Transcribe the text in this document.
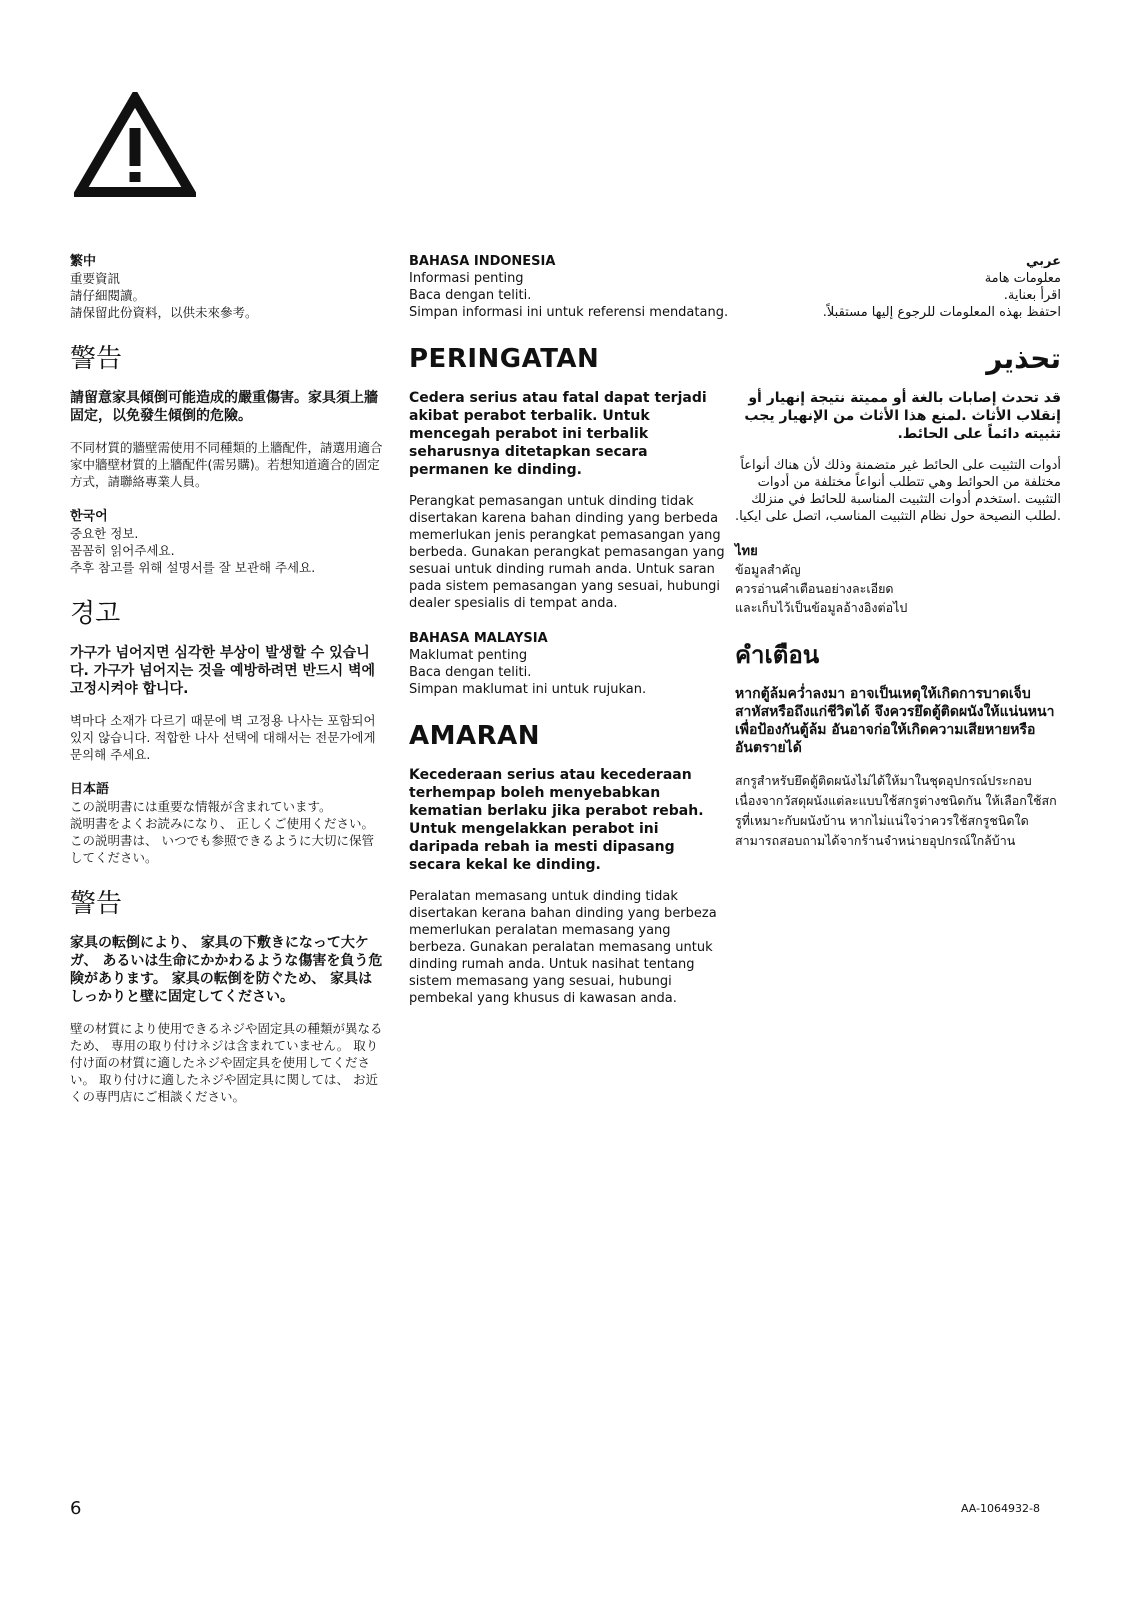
繁中
重要資訊
請仔細閱讀。
請保留此份資料，以供未來參考。
警告

請留意家具傾倒可能造成的嚴重傷害。家具須上牆固定，以免發生傾倒的危險。

不同材質的牆壁需使用不同種類的上牆配件，請選用適合家中牆壁材質的上牆配件(需另購)。若想知道適合的固定方式，請聯絡專業人員。

한국어
중요한 정보.
꼼꼼히 읽어주세요.
추후 참고를 위해 설명서를 잘 보관해 주세요.
경고

가구가 넘어지면 심각한 부상이 발생할 수 있습니다. 가구가 넘어지는 것을 예방하려면 반드시 벽에 고정시켜야 합니다.

벽마다 소재가 다르기 때문에 벽 고정용 나사는 포함되어 있지 않습니다. 적합한 나사 선택에 대해서는 전문가에게 문의해 주세요.

日本語
この説明書には重要な情報が含まれています。
説明書をよくお読みになり、 正しくご使用ください。
この説明書は、 いつでも参照できるように大切に保管してください。
警告

家具の転倒により、 家具の下敷きになって大ケガ、 あるいは生命にかかわるような傷害を負う危険があります。 家具の転倒を防ぐため、 家具はしっかりと壁に固定してください。

壁の材質により使用できるネジや固定具の種類が異なるため、 専用の取り付けネジは含まれていません。 取り付け面の材質に適したネジや固定具を使用してください。 取り付けに適したネジや固定具に関しては、 お近くの専門店にご相談ください。

BAHASA INDONESIA
Informasi penting
Baca dengan teliti.
Simpan informasi ini untuk referensi mendatang.
PERINGATAN

Cedera serius atau fatal dapat terjadi akibat perabot terbalik. Untuk mencegah perabot ini terbalik seharusnya ditetapkan secara permanen ke dinding.

Perangkat pemasangan untuk dinding tidak disertakan karena bahan dinding yang berbeda memerlukan jenis perangkat pemasangan yang berbeda. Gunakan perangkat pemasangan yang sesuai untuk dinding rumah anda. Untuk saran pada sistem pemasangan yang sesuai, hubungi dealer spesialis di tempat anda.

BAHASA MALAYSIA
Maklumat penting
Baca dengan teliti.
Simpan maklumat ini untuk rujukan.
AMARAN

Kecederaan serius atau kecederaan terhempap boleh menyebabkan kematian berlaku jika perabot rebah. Untuk mengelakkan perabot ini daripada rebah ia mesti dipasang secara kekal ke dinding.

Peralatan memasang untuk dinding tidak disertakan kerana bahan dinding yang berbeza memerlukan peralatan memasang yang berbeza. Gunakan peralatan memasang untuk dinding rumah anda. Untuk nasihat tentang sistem memasang yang sesuai, hubungi pembekal yang khusus di kawasan anda.

عربي
معلومات هامة
اقرأ بعناية.
احتفظ بهذه المعلومات للرجوع إليها مستقبلاً.
تحذير

قد تحدث إصابات بالغة أو مميتة نتيجة إنهيار أو إنقلاب الأثاث .لمنع هذا الأثاث من الإنهيار يجب تثبيته دائماً على الحائط.

أدوات التثبيت على الحائط غير متضمنة وذلك لأن هناك أنواعاً مختلفة من الحوائط وهي تتطلب أنواعاً مختلفة من أدوات التثبيت .استخدم أدوات التثبيت المناسبة للحائط في منزلك .لطلب النصيحة حول نظام التثبيت المناسب، اتصل على ايكيا.

ไทย
ข้อมูลสำคัญ
ควรอ่านคำเตือนอย่างละเอียด
และเก็บไว้เป็นข้อมูลอ้างอิงต่อไป
คำเตือน

หากตู้ล้มคว่ำลงมา อาจเป็นเหตุให้เกิดการบาดเจ็บสาหัสหรือถึงแก่ชีวิตได้ จึงควรยึดตู้ติดผนังให้แน่นหนา เพื่อป้องกันตู้ล้ม อันอาจก่อให้เกิดความเสียหายหรืออันตรายได้

สกรูสำหรับยึดตู้ติดผนังไม่ได้ให้มาในชุดอุปกรณ์ประกอบ เนื่องจากวัสดุผนังแต่ละแบบใช้สกรูต่างชนิดกัน ให้เลือกใช้สกรูที่เหมาะกับผนังบ้าน หากไม่แน่ใจว่าควรใช้สกรูชนิดใด สามารถสอบถามได้จากร้านจำหน่ายอุปกรณ์ใกล้บ้าน

6	AA-1064932-8
